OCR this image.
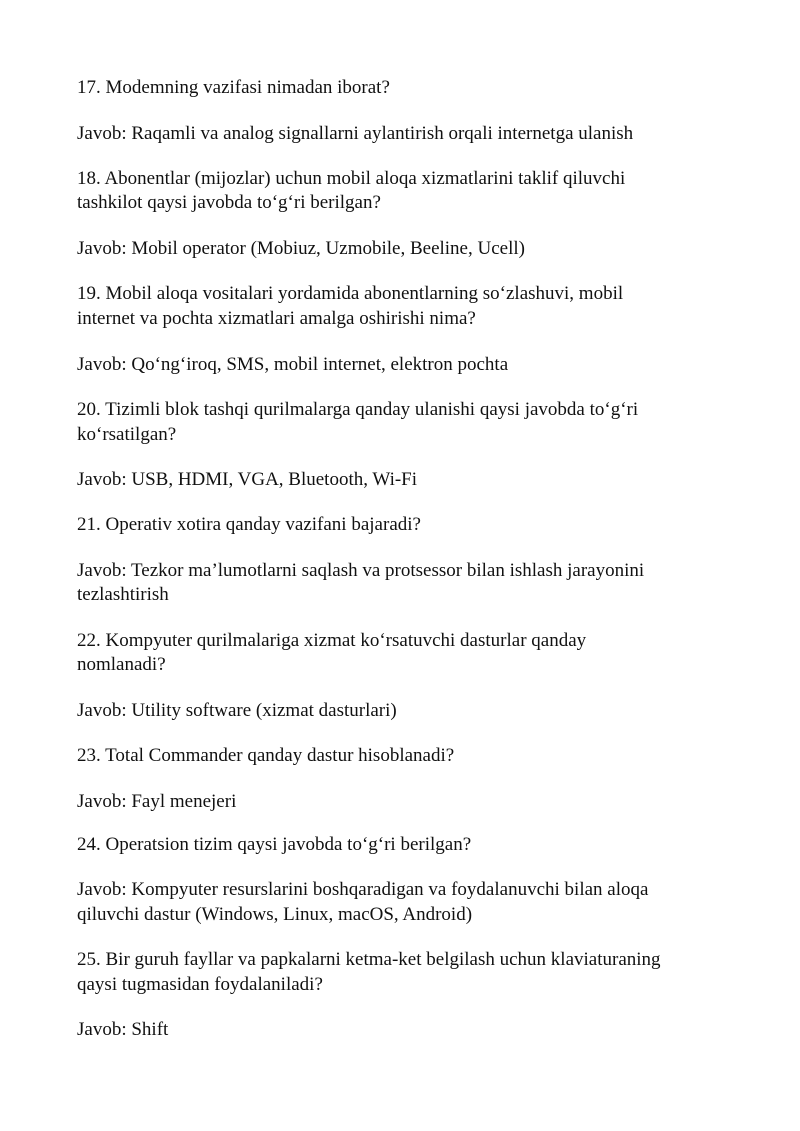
17. Modemning vazifasi nimadan iborat?

Javob: Raqamli va analog signallarni aylantirish orqali internetga ulanish

18. Abonentlar (mijozlar) uchun mobil aloqa xizmatlarini taklif qiluvchi

tashkilot qaysi javobda to‘g‘ri berilgan?

Javob: Mobil operator (Mobiuz, Uzmobile, Beeline, Ucell)

19. Mobil aloqa vositalari yordamida abonentlarning so‘zlashuvi, mobil

internet va pochta xizmatlari amalga oshirishi nima?

Javob: Qo‘ng‘iroq, SMS, mobil internet, elektron pochta

20. Tizimli blok tashqi qurilmalarga qanday ulanishi qaysi javobda to‘g‘ri

ko‘rsatilgan?

Javob: USB, HDMI, VGA, Bluetooth, Wi-Fi

21. Operativ xotira qanday vazifani bajaradi?

Javob: Tezkor ma’lumotlarni saqlash va protsessor bilan ishlash jarayonini

tezlashtirish

22. Kompyuter qurilmalariga xizmat ko‘rsatuvchi dasturlar qanday

nomlanadi?

Javob: Utility software (xizmat dasturlari)

23. Total Commander qanday dastur hisoblanadi?

Javob: Fayl menejeri

24. Operatsion tizim qaysi javobda to‘g‘ri berilgan?

Javob: Kompyuter resurslarini boshqaradigan va foydalanuvchi bilan aloqa

qiluvchi dastur (Windows, Linux, macOS, Android)

25. Bir guruh fayllar va papkalarni ketma-ket belgilash uchun klaviaturaning

qaysi tugmasidan foydalaniladi?

Javob: Shift
